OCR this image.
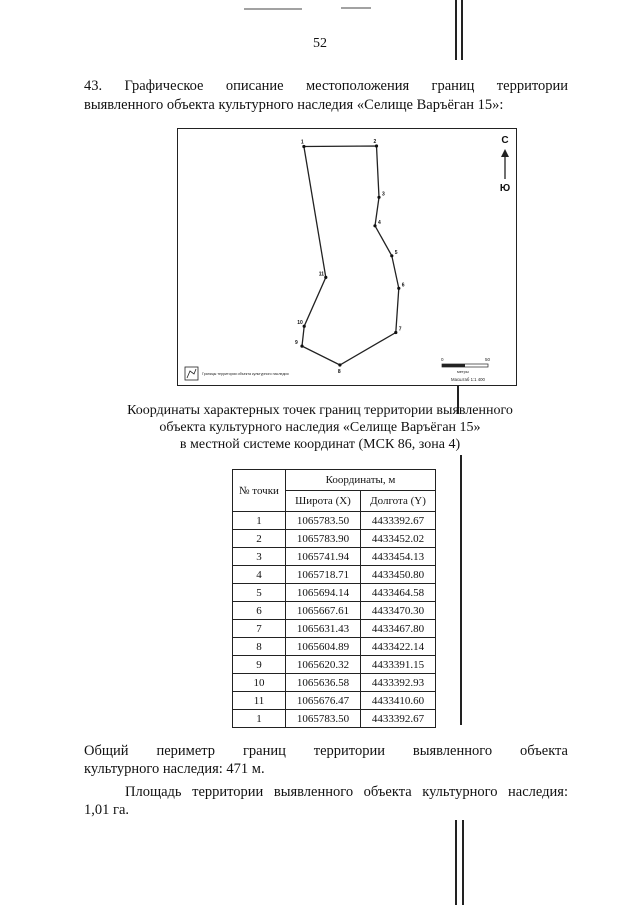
52
43. Графическое описание местоположения границ территории
выявленного объекта культурного наследия «Селище Варъёган 15»:
1	2
3
4
5
6
7
8
9
10
11
С
Ю
Границы территории объекта культурного наследия
0	50
метры
Масштаб 1:1 400
Координаты характерных точек границ территории выявленного
объекта культурного наследия «Селище Варъёган 15»
в местной системе координат (МСК 86, зона 4)
№ точки	Координаты, м	
	Широта (X)	Долгота (Y)
1	1065783.50	4433392.67
2	1065783.90	4433452.02
3	1065741.94	4433454.13
4	1065718.71	4433450.80
5	1065694.14	4433464.58
6	1065667.61	4433470.30
7	1065631.43	4433467.80
8	1065604.89	4433422.14
9	1065620.32	4433391.15
10	1065636.58	4433392.93
11	1065676.47	4433410.60
1	1065783.50	4433392.67
Общий периметр границ территории выявленного объекта
культурного наследия: 471 м.
Площадь территории выявленного объекта культурного наследия:
1,01 га.
